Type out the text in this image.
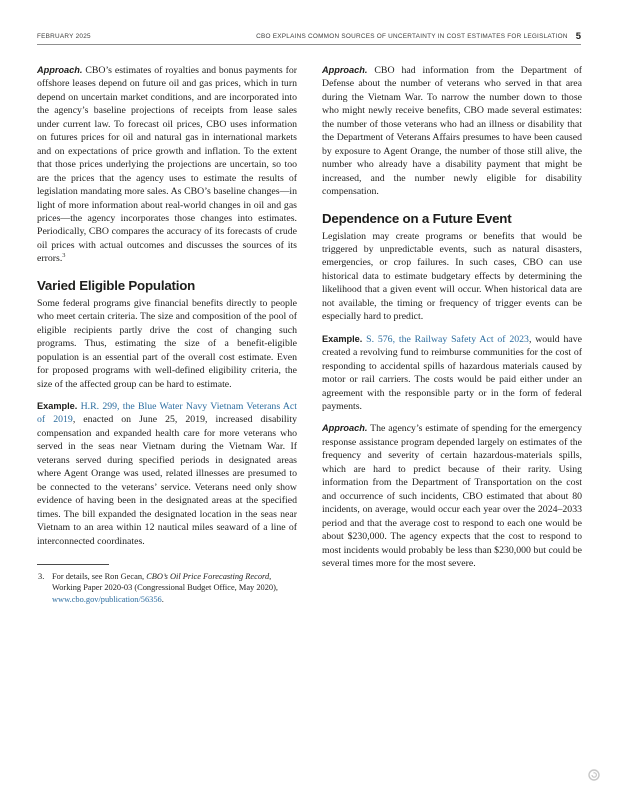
FEBRUARY 2025	CBO EXPLAINS COMMON SOURCES OF UNCERTAINTY IN COST ESTIMATES FOR LEGISLATION 5

Approach. CBO’s estimates of royalties and bonus payments for offshore leases depend on future oil and gas prices, which in turn depend on uncertain market conditions, and are incorporated into the agency’s baseline projections of receipts from lease sales under current law. To forecast oil prices, CBO uses information on futures prices for oil and natural gas in international markets and on expectations of price growth and inflation. To the extent that those prices underlying the projections are uncertain, so too are the prices that the agency uses to estimate the results of legislation mandating more sales. As CBO’s baseline changes—in light of more information about real-world changes in oil and gas prices—the agency incorporates those changes into estimates. Periodically, CBO compares the accuracy of its forecasts of crude oil prices with actual outcomes and discusses the sources of its errors.$^3$

Varied Eligible Population

Some federal programs give financial benefits directly to people who meet certain criteria. The size and composition of the pool of eligible recipients partly drive the cost of changing such programs. Thus, estimating the size of a benefit-eligible population is an essential part of the overall cost estimate. Even for proposed programs with well-defined eligibility criteria, the size of the affected group can be hard to estimate.

Example. H.R. 299, the Blue Water Navy Vietnam Veterans Act of 2019, enacted on June 25, 2019, increased disability compensation and expanded health care for more veterans who served in the seas near Vietnam during the Vietnam War. If veterans served during specified periods in designated areas where Agent Orange was used, related illnesses are presumed to be connected to the veterans’ service. Veterans need only show evidence of having been in the designated areas at the specified times. The bill expanded the designated location in the seas near Vietnam to an area within 12 nautical miles seaward of a line of interconnected coordinates.

3. For details, see Ron Gecan, CBO’s Oil Price Forecasting Record, Working Paper 2020-03 (Congressional Budget Office, May 2020), www.cbo.gov/publication/56356.

Approach. CBO had information from the Department of Defense about the number of veterans who served in that area during the Vietnam War. To narrow the number down to those who might newly receive benefits, CBO made several estimates: the number of those veterans who had an illness or disability that the Department of Veterans Affairs presumes to have been caused by exposure to Agent Orange, the number of those still alive, the number who already have a disability payment that might be increased, and the number newly eligible for disability compensation.

Dependence on a Future Event

Legislation may create programs or benefits that would be triggered by unpredictable events, such as natural disasters, emergencies, or crop failures. In such cases, CBO can use historical data to estimate budgetary effects by determining the likelihood that a given event will occur. When historical data are not available, the timing or frequency of trigger events can be especially hard to predict.

Example. S. 576, the Railway Safety Act of 2023, would have created a revolving fund to reimburse communities for the cost of responding to accidental spills of hazardous materials caused by motor or rail carriers. The costs would be paid either under an agreement with the responsible party or in the form of federal payments.

Approach. The agency’s estimate of spending for the emergency response assistance program depended largely on estimates of the frequency and severity of certain hazardous-materials spills, which are hard to predict because of their rarity. Using information from the Department of Transportation on the cost and occurrence of such incidents, CBO estimated that about 80 incidents, on average, would occur each year over the 2024–2033 period and that the average cost to respond to each one would be about $230,000. The agency expects that the cost to respond to most incidents would probably be less than $230,000 but could be several times more for the most severe.
